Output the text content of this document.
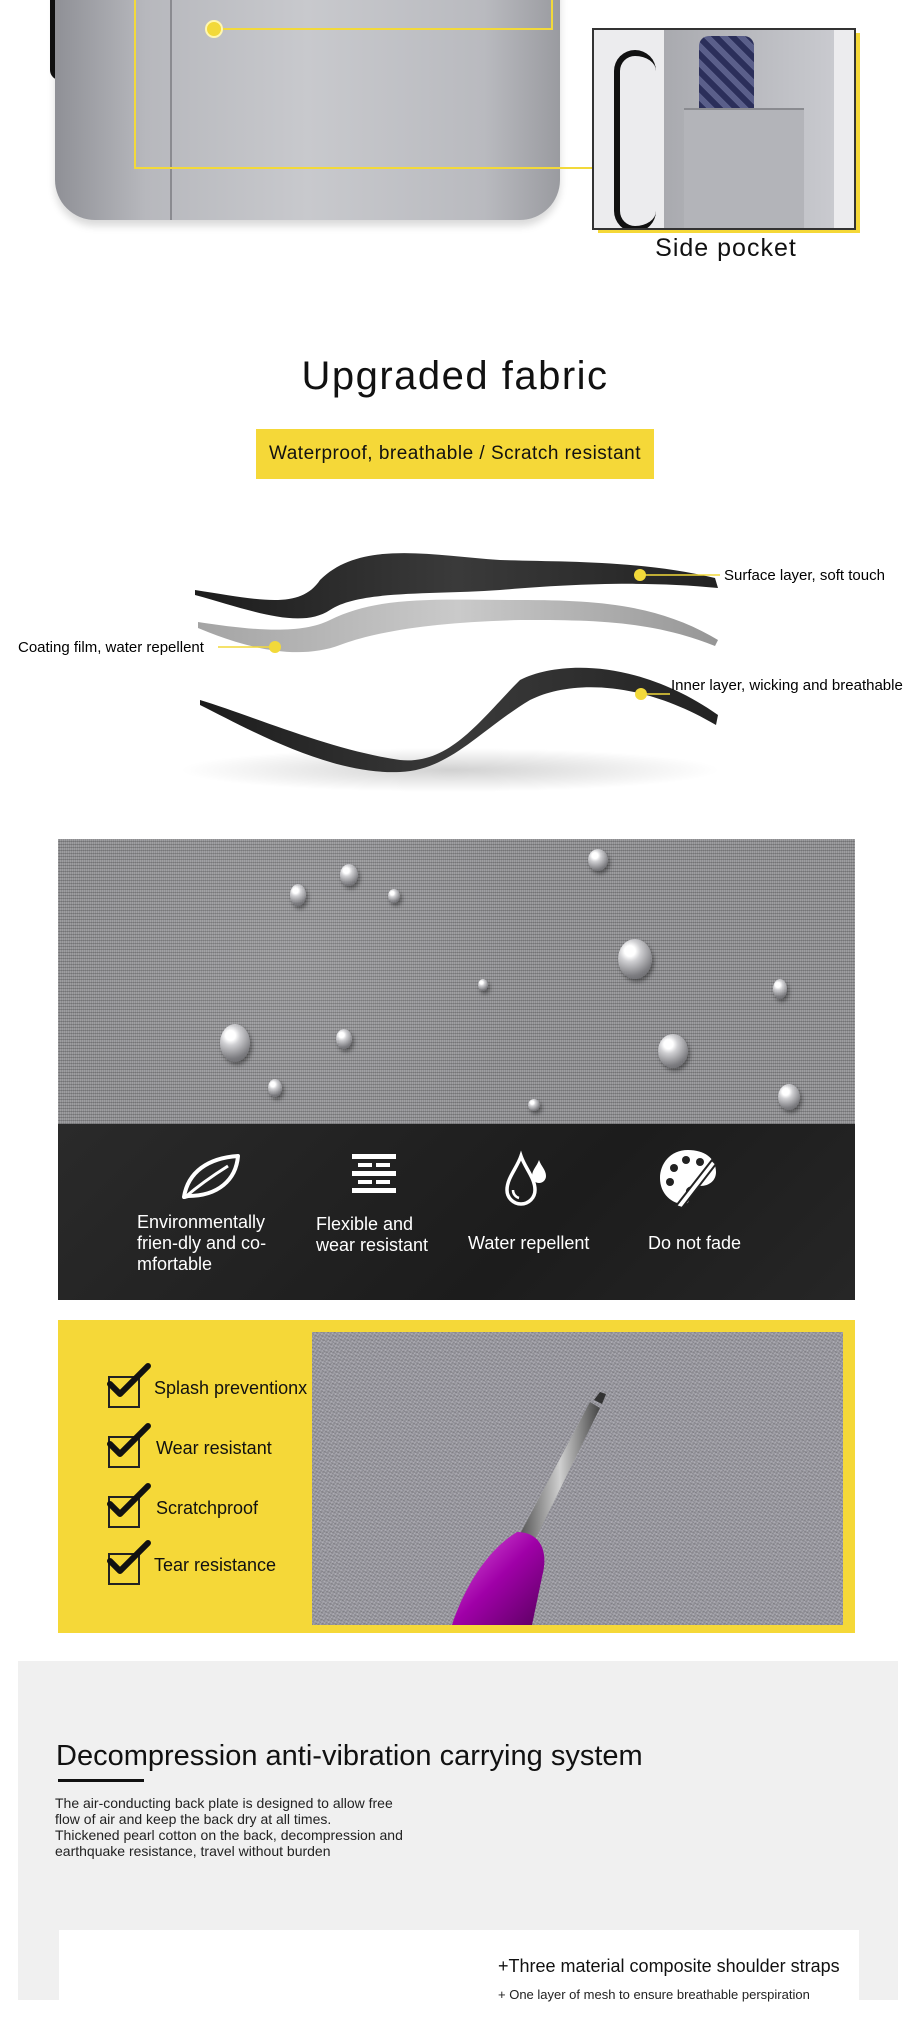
Side pocket
Upgraded fabric
Waterproof, breathable / Scratch resistant
Surface layer, soft touch
Coating film, water repellent
Inner layer, wicking and breathable
Environmentally
frien-dly and co-
mfortable
Flexible and
wear resistant	Water repellent	Do not fade
Splash preventionx
Wear resistant
Scratchproof
Tear resistance
Decompression anti-vibration carrying system
The air-conducting back plate is designed to allow free
flow of air and keep the back dry at all times.
Thickened pearl cotton on the back, decompression and
earthquake resistance, travel without burden
+Three material composite shoulder straps
+ One layer of mesh to ensure breathable perspiration
